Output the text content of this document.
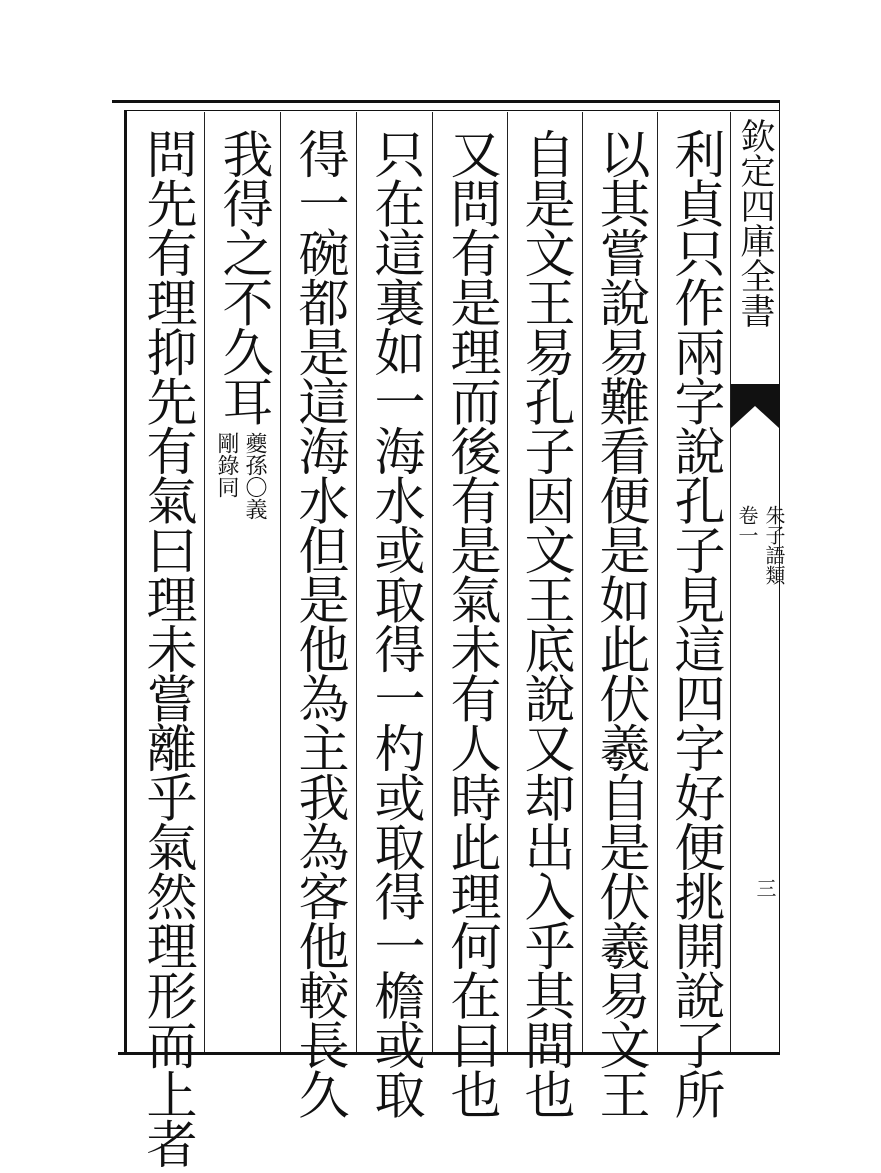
欽定四庫全書
朱子語類
卷一
三
利貞只作兩字說孔子見這四字好便挑開說了所
以其嘗說易難看便是如此伏羲自是伏羲易文王
自是文王易孔子因文王底說又却出入乎其間也
又問有是理而後有是氣未有人時此理何在曰也
只在這裏如一海水或取得一杓或取得一檐或取
得一碗都是這海水但是他為主我為客他較長久
我得之不久耳
夔孫〇義
剛錄同
問先有理抑先有氣曰理未嘗離乎氣然理形而上者
